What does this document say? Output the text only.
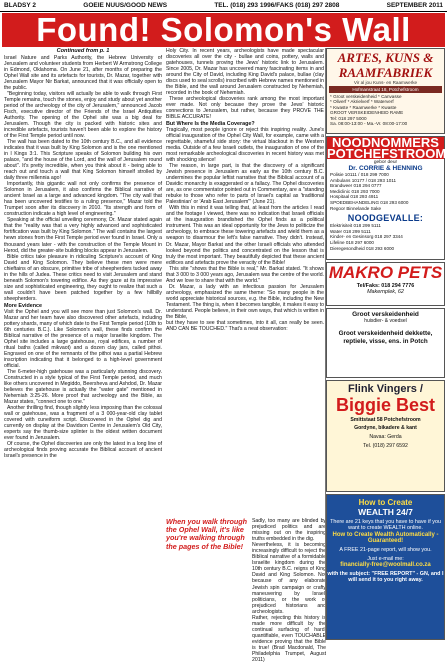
BLADSY 2	GOEIE NUUS/GOOD NEWS	TEL. (018) 293 1996/FAKS (018) 297 2808	SEPTEMBER 2011
Found! Solomon's Wall
Continued from p. 1

Israel Nature and Parks Authority, the Hebrew University of Jerusalem and volunteer students from Herbert W Armstrong College in Edmond, Oklahoma. On June 21, after months of preparing the Ophel Wall site and its artefacts for tourists, Dr. Mazar, together with Jerusalem Mayor Nir Barkat, announced that it was officially open to the public.

"Beginning today, visitors will actually be able to walk through First Temple remains, touch the stones, enjoy and study about yet another period of the archeology of the city of Jerusalem," announced Jacob Fisch, executive director of the Friends of the Israel Antiquities Authority. The opening of the Ophel site was a big deal for Jerusalem. Though the city is packed with historic sites and incredible artefacts, tourists haven't been able to explore the history of the First Temple period until now.

The wall has been dated to the 10th century B.C., and all evidence indicates that it was built by King Solomon and is the one mentioned in I Kings 3:1. This Scripture speaks of Solomon building his own palace, "and the house of the Lord, and the wall of Jerusalem round about". It's pretty incredible, when you think about it - being able to reach out and touch a wall that King Solomon himself strolled by daily three millennia ago!

Importantly, this gigantic wall not only confirms the presence of Solomon in Jerusalem, it also confirms the Biblical narrative of ancient Israel as a large and advanced kingdom. "The city wall that has been uncovered testifies to a ruling presence," Mazar told the Trumpet soon after its discovery in 2010. "Its strength and form of construction indicate a high level of engineering."

Speaking at the official unveiling ceremony, Dr. Mazar stated again that the "reality was that a very highly advanced and sophisticated fortification was built by King Solomon." The wall contains the largest hewn stones from the First Temple period ever found in Israel. Only a thousand years later - with the construction of the Temple Mount in Herod, did the greater-site building blocks appear in Jerusalem.

Bible critics take pleasure in ridiculing Scripture's account of King David and King Solomon. They believe these men were mere chieftains of an obscure, primitive tribe of sheepherders tucked away in the hills of Judea. These critics need to visit Jerusalem and stand beneath Solomon's towering edifice. As they gaze at its impressive size and sophisticated engineering, they ought to realize that such a wall couldn't have been patched together by a few hillbilly sheepherders.

More Evidence

Visit the Ophel and you will see more than just Solomon's wall. Dr. Mazar and her team have also discovered other artefacts, including pottery shards, many of which date to the First Temple period (10th to 6th centuries B.C.). Like Solomon's wall, these finds confirm the Biblical narrative of the presence of a major Israelite kingdom. The Ophel site includes a large gatehouse, royal edifices, a number of ritual baths (called mikvaot) and a dozen clay jars, called pithoi. Engraved on one of the remnants of the pithoi was a partial Hebrew inscription indicating that it belonged to a high-level government official.

The 6-meter-high gatehouse was a particularly stunning discovery. Constructed in a style typical of the First Temple period, and much like others uncovered in Megiddo, Beersheva and Ashdod, Dr. Mazar believes the gatehouse is actually the "water gate" mentioned in Nehemiah 3:25-26. More proof that archeology and the Bible, as Mazar states, "connect one to one."

Another thrilling find, though slightly less imposing than the colossal wall or gatehouse, was a fragment of a 3 000-year-old clay tablet covered with cuneiform script. Discovered in the Ophel dig and currently on display at the Davidson Centre in Jerusalem's Old City, experts say the thumb-size splinter is the oldest written document ever found in Jerusalem.

Of course, the Ophel discoveries are only the latest in a long line of archeological finds proving accurate the Biblical account of ancient Israel's presence in the

Holy City. In recent years, archeologists have made spectacular discoveries all over the city - bullae and coins, pottery, walls and gatehouses, tunnels proving the Jews' historic link to Jerusalem. Since 2005, Dr. Mazar has uncovered many fascinating items in and around the City of David, including King David's palace, bullae (clay discs used to seal scrolls) inscribed with Hebrew names mentioned in the Bible, and the wall around Jerusalem constructed by Nehemiah, recorded in the book of Nehemiah.

These archeological discoveries rank among the most important ever made. Not only because they prove the Jews' historic connections to Jerusalem, but rather, because they PROVE THE BIBLE ACCURATE!

But Where Is the Media Coverage?

Tragically, most people ignore or reject this inspiring reality. June's official inauguration of the Ophel City Wall, for example, came with a regrettable, shameful side story: the virtual blackout in the Western media. Outside of a few Israeli outlets, the inauguration of one of the most remarkable archeological discoveries in recent history was met with shocking silence!

The reason, in large part, is that the discovery of a significant Jewish presence in Jerusalem as early as the 10th century B.C. undermines the popular leftist narrative that the Biblical account of a Davidic monarchy is exaggerated or a fallacy. The Ophel discoveries are, as one commentator pointed out in Commentary, are a "standing rebuke to those who refer to parts of Israel's capital as 'traditional Palestinian' or 'Arab East Jerusalem'" (June 21).

With this in mind it was telling that, at least from the articles I read and the footage I viewed, there was no indication that Israeli officials at the inauguration brandished the Ophel finds as a political instrument. This was an ideal opportunity for the Jews to politicize the archeology, to embrace these towering artefacts and wield them as a weapon to disarmour the left's false narrative. They didn't. Instead, Dr. Mazar, Mayor Barkat and the other Israeli officials who attended looked beyond the politics and concentrated on the lesson that is truly the most important. They beautifully depicted that these ancient edifices and artefacts prove the veracity of the Bible!

This site "shows that the Bible is real," Mr. Barkat stated. "It shows that 3 000 to 3 000 years ago, Jerusalem was the centre of the world. And we love to share that with the world."

Dr. Mazar, a lady with an infectious passion for Jerusalem archeology, emphasized the same theme: "So many people in the world appreciate historical sources, e.g. the Bible, including the New Testament. The thing is, when it becomes tangible, it makes it easy to understand. People believe, in their own ways, that which is written in the Bible,

but they have to see that sometimes, into it all, can really be seen. AND CAN BE TOUCHED." That's a neat observation:

When you walk through the Ophel Wall, it's like you're walking through the pages of the Bible!

Sadly, too many are blinded by prejudiced politics and are missing out on the inspiring truths embedded in the dig.

Nevertheless, it is becoming increasingly difficult to reject the Biblical narrative of a formidable Israelite kingdom during the 10th century B.C. reigns of King David and King Solomon. Not because of any elaborate Jewish spin campaign or crafty maneuvering by Israeli politicians, or the work of prejudiced historians and archeologists.

Rather, rejecting this history is made more difficult by the continual surfacing of hard, quantifiable, even TOUCHABLE evidence proving that the Bible is true! (Brad Macdonald, The Philadelphia Trumpet, August 2011)

ARTES, KUNS &
RAAMFABRIEK
Vir al jou Kuns- en Raamwerke
Hofmanstraat 18, Potchefstroom
* Groot verskeidenheid * Canvasse
* Oliverf * Akrielverf * Waterverf
* Kwaste * Raamwerke * Kwaste
GROOT VERSKEIDENHEID RAME
Tel: 018 297 5000
Sa. 08:00-13:00 - Ma.-Vr. 08:00-17:00
NOODNOMMERS
POTCHEFSTROOM
gebor deur
Dr. CORRIE & HENNING
Polisie 10111 / 018 299 7000
Ambulans 10177 / 018 293 1011
Brandweer 018 294 0777
Mediclinic 018 293 7000
Hospitaal 018 293 4911
SPOEDBEHANDELING 018 293 6000
Regoor Binnelande Sake
NOODGEVALLE:
Elektrisiteit 018 299 5111
Water 018 299 5111
Kinder- en Gesinsorg 018 297 3344
Lifeline 018 297 6000
Dieregesondheid 018 293 6000
MAKRO PETS
Tel/Faks: 018 294 7776
Makernplek, 62
Groot verskeidenheid
huisdier- & voedsel
Groot verskeidenheid dekkette, reptiele, visse, ens. in Potch
Flink Vingers /
Biggie Best
Smittstaat 58 Potchefstroom
Gordyne, bikadere & kant
Navaa: Gerda
Tel. (018) 297 6592
How to Create
WEALTH 24/7
There are 21 keys that you have to have if you want to create WEALTH online.
How to Create Wealth Automatically - Guaranteed!
A FREE 21-page report, will show you.
Just e-mail me:
financially-free@woolmall.co.za
with the subject: "FREE REPORT" - GN, and I will send it to you right away.
